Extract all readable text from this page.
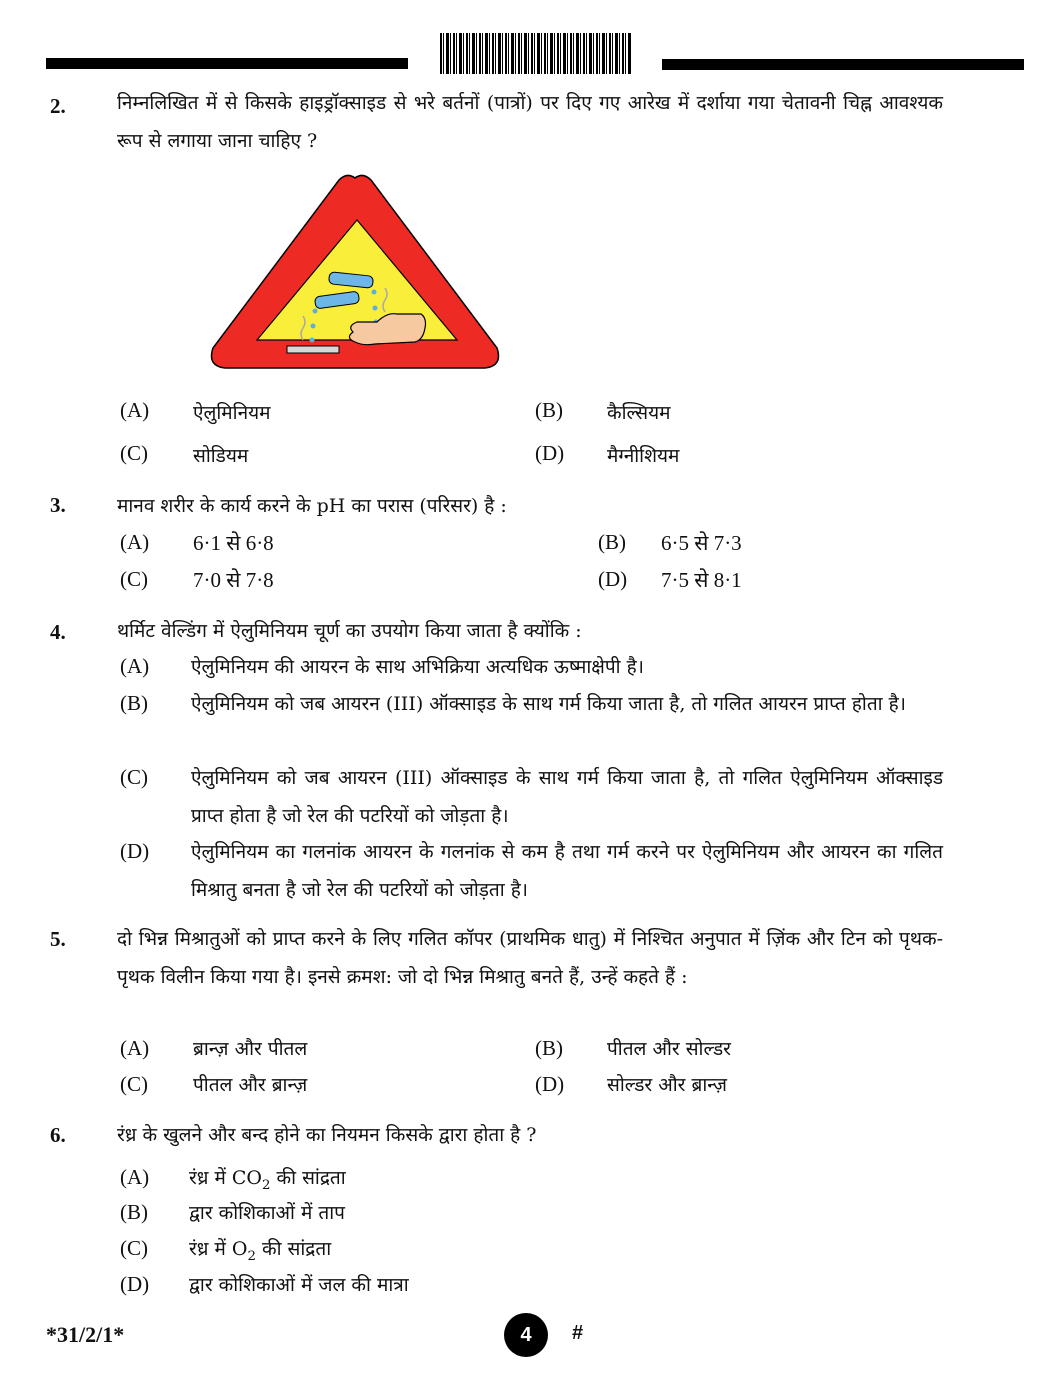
2.	निम्नलिखित में से किसके हाइड्रॉक्साइड से भरे बर्तनों (पात्रों) पर दिए गए आरेख में दर्शाया गया चेतावनी चिह्न आवश्यक रूप से लगाया जाना चाहिए ?
(A) ऐलुमिनियम	(B) कैल्सियम
(C) सोडियम	(D) मैग्नीशियम
3.	मानव शरीर के कार्य करने के pH का परास (परिसर) है :
(A) 6·1 से 6·8	(B) 6·5 से 7·3
(C) 7·0 से 7·8	(D) 7·5 से 8·1
4.	थर्मिट वेल्डिंग में ऐलुमिनियम चूर्ण का उपयोग किया जाता है क्योंकि :
(A) ऐलुमिनियम की आयरन के साथ अभिक्रिया अत्यधिक ऊष्माक्षेपी है।
(B) ऐलुमिनियम को जब आयरन (III) ऑक्साइड के साथ गर्म किया जाता है, तो गलित आयरन प्राप्त होता है।
(C) ऐलुमिनियम को जब आयरन (III) ऑक्साइड के साथ गर्म किया जाता है, तो गलित ऐलुमिनियम ऑक्साइड प्राप्त होता है जो रेल की पटरियों को जोड़ता है।
(D) ऐलुमिनियम का गलनांक आयरन के गलनांक से कम है तथा गर्म करने पर ऐलुमिनियम और आयरन का गलित मिश्रातु बनता है जो रेल की पटरियों को जोड़ता है।
5.	दो भिन्न मिश्रातुओं को प्राप्त करने के लिए गलित कॉपर (प्राथमिक धातु) में निश्चित अनुपात में ज़िंक और टिन को पृथक-पृथक विलीन किया गया है। इनसे क्रमश: जो दो भिन्न मिश्रातु बनते हैं, उन्हें कहते हैं :
(A) ब्रान्ज़ और पीतल	(B) पीतल और सोल्डर
(C) पीतल और ब्रान्ज़	(D) सोल्डर और ब्रान्ज़
6.	रंध्र के खुलने और बन्द होने का नियमन किसके द्वारा होता है ?
(A) रंध्र में $CO_2$ की सांद्रता
(B) द्वार कोशिकाओं में ताप
(C) रंध्र में $O_2$ की सांद्रता
(D) द्वार कोशिकाओं में जल की मात्रा
*31/2/1*	4	#
